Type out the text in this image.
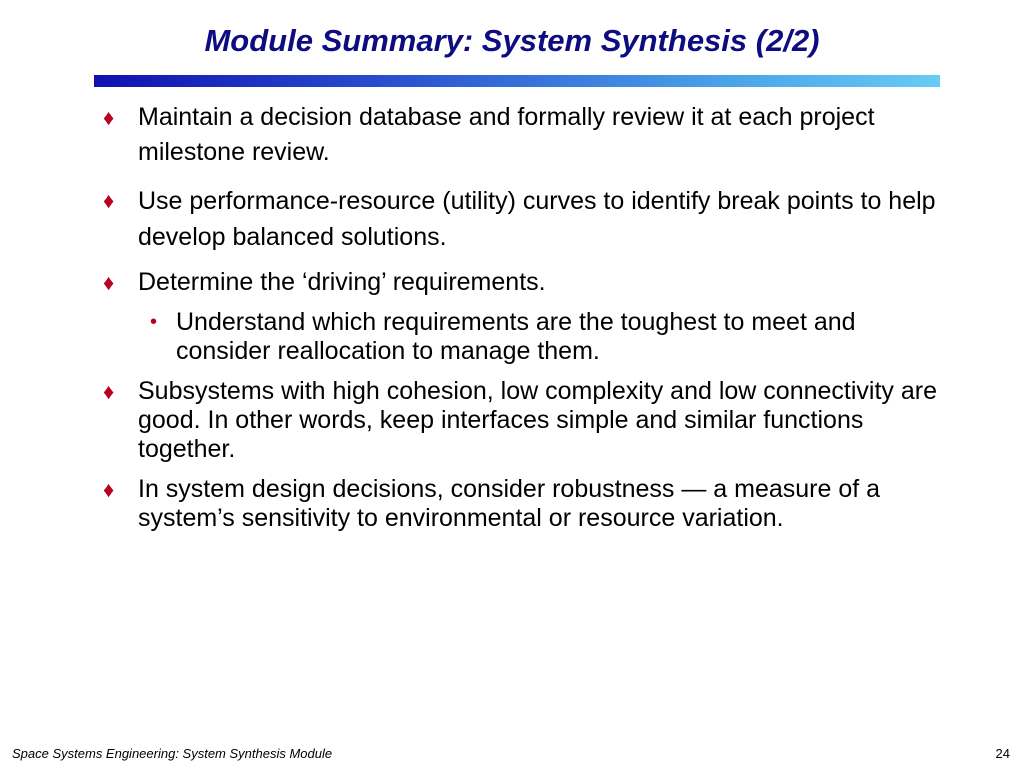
Module Summary: System Synthesis (2/2)
♦ Maintain a decision database and formally review it at each project milestone review.
♦ Use performance-resource (utility) curves to identify break points to help develop balanced solutions.
♦ Determine the ‘driving’ requirements.
• Understand which requirements are the toughest to meet and consider reallocation to manage them.
♦ Subsystems with high cohesion, low complexity and low connectivity are good. In other words, keep interfaces simple and similar functions together.
♦ In system design decisions, consider robustness — a measure of a system’s sensitivity to environmental or resource variation.
Space Systems Engineering: System Synthesis Module	24
